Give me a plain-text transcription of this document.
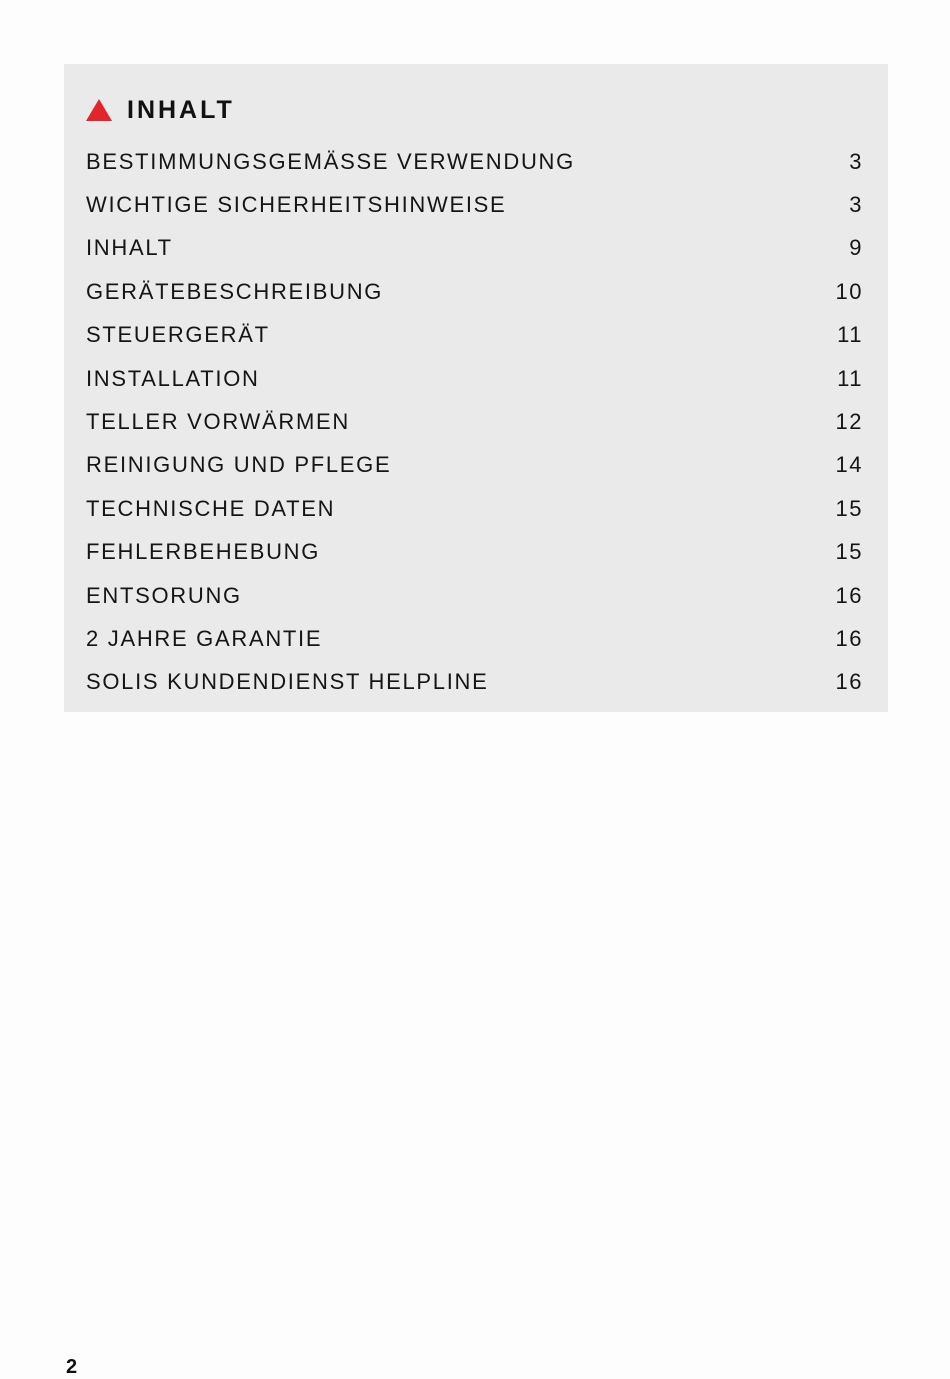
INHALT
BESTIMMUNGSGEMÄSSE VERWENDUNG	3
WICHTIGE SICHERHEITSHINWEISE	3
INHALT	9
GERÄTEBESCHREIBUNG	10
STEUERGERÄT	11
INSTALLATION	11
TELLER VORWÄRMEN	12
REINIGUNG UND PFLEGE	14
TECHNISCHE DATEN	15
FEHLERBEHEBUNG	15
ENTSORUNG	16
2 JAHRE GARANTIE	16
SOLIS KUNDENDIENST HELPLINE	16
2
